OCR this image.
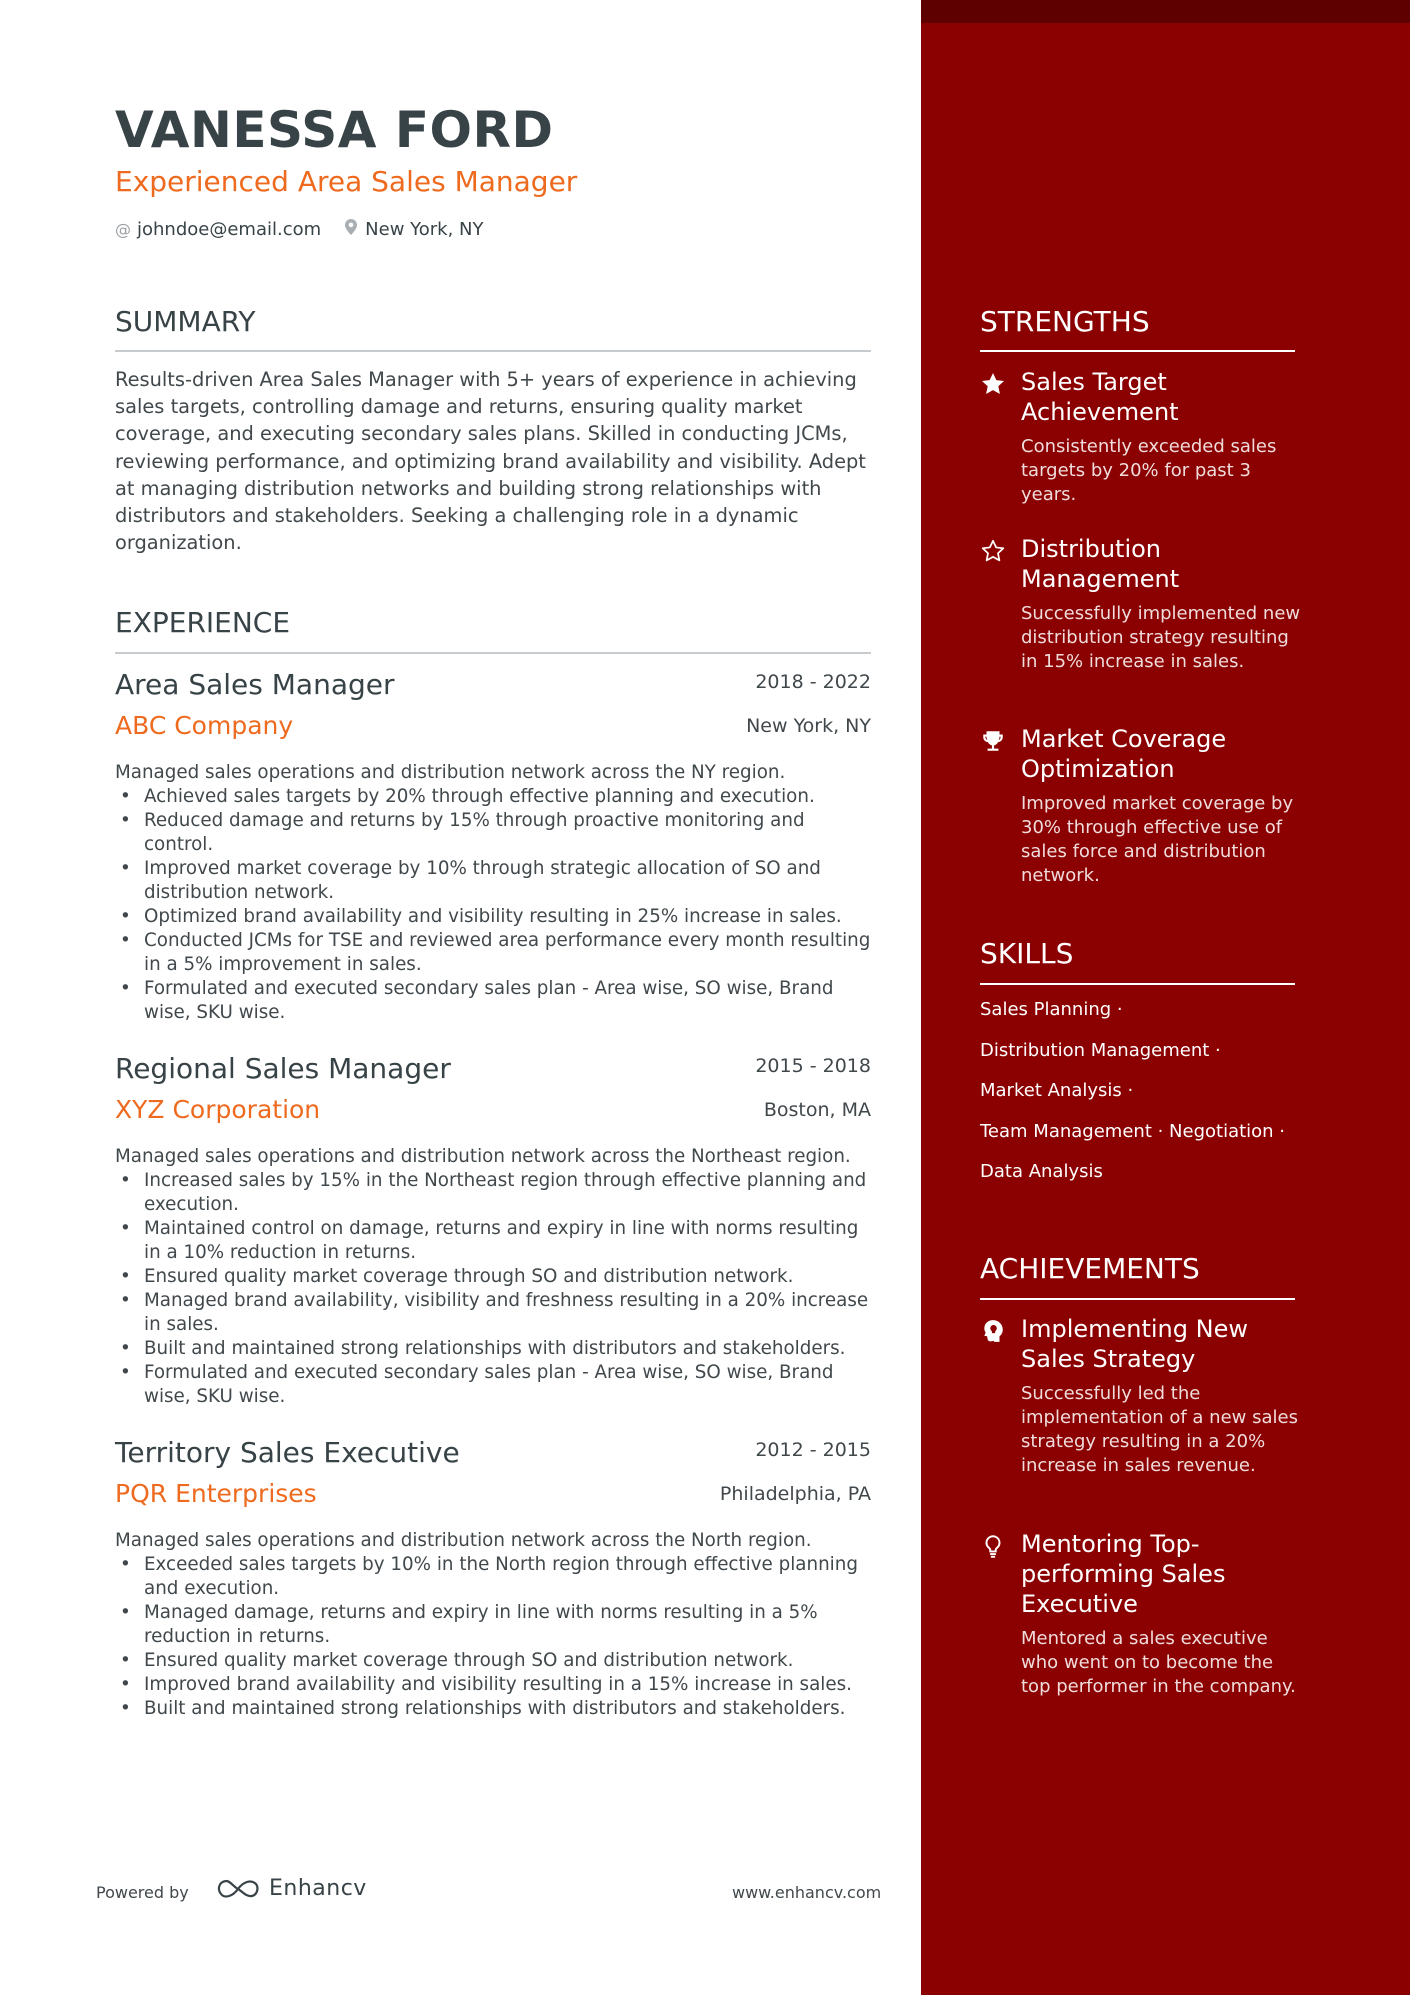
VANESSA FORD
Experienced Area Sales Manager
@ johndoe@email.com New York, NY
SUMMARY
Results-driven Area Sales Manager with 5+ years of experience in achieving sales targets, controlling damage and returns, ensuring quality market coverage, and executing secondary sales plans. Skilled in conducting JCMs, reviewing performance, and optimizing brand availability and visibility. Adept at managing distribution networks and building strong relationships with distributors and stakeholders. Seeking a challenging role in a dynamic organization.
EXPERIENCE
Area Sales Manager	2018 - 2022
ABC Company	New York, NY
Managed sales operations and distribution network across the NY region.
• Achieved sales targets by 20% through effective planning and execution.
• Reduced damage and returns by 15% through proactive monitoring and control.
• Improved market coverage by 10% through strategic allocation of SO and distribution network.
• Optimized brand availability and visibility resulting in 25% increase in sales.
• Conducted JCMs for TSE and reviewed area performance every month resulting in a 5% improvement in sales.
• Formulated and executed secondary sales plan - Area wise, SO wise, Brand wise, SKU wise.
Regional Sales Manager	2015 - 2018
XYZ Corporation	Boston, MA
Managed sales operations and distribution network across the Northeast region.
• Increased sales by 15% in the Northeast region through effective planning and execution.
• Maintained control on damage, returns and expiry in line with norms resulting in a 10% reduction in returns.
• Ensured quality market coverage through SO and distribution network.
• Managed brand availability, visibility and freshness resulting in a 20% increase in sales.
• Built and maintained strong relationships with distributors and stakeholders.
• Formulated and executed secondary sales plan - Area wise, SO wise, Brand wise, SKU wise.
Territory Sales Executive	2012 - 2015
PQR Enterprises	Philadelphia, PA
Managed sales operations and distribution network across the North region.
• Exceeded sales targets by 10% in the North region through effective planning and execution.
• Managed damage, returns and expiry in line with norms resulting in a 5% reduction in returns.
• Ensured quality market coverage through SO and distribution network.
• Improved brand availability and visibility resulting in a 15% increase in sales.
• Built and maintained strong relationships with distributors and stakeholders.
Powered by	Enhancv	www.enhancv.com
STRENGTHS
Sales Target Achievement
Consistently exceeded sales targets by 20% for past 3 years.
Distribution Management
Successfully implemented new distribution strategy resulting in 15% increase in sales.
Market Coverage Optimization
Improved market coverage by 30% through effective use of sales force and distribution network.
SKILLS
Sales Planning ·
Distribution Management ·
Market Analysis ·
Team Management · Negotiation ·
Data Analysis
ACHIEVEMENTS
Implementing New Sales Strategy
Successfully led the implementation of a new sales strategy resulting in a 20% increase in sales revenue.
Mentoring Top-performing Sales Executive
Mentored a sales executive who went on to become the top performer in the company.
